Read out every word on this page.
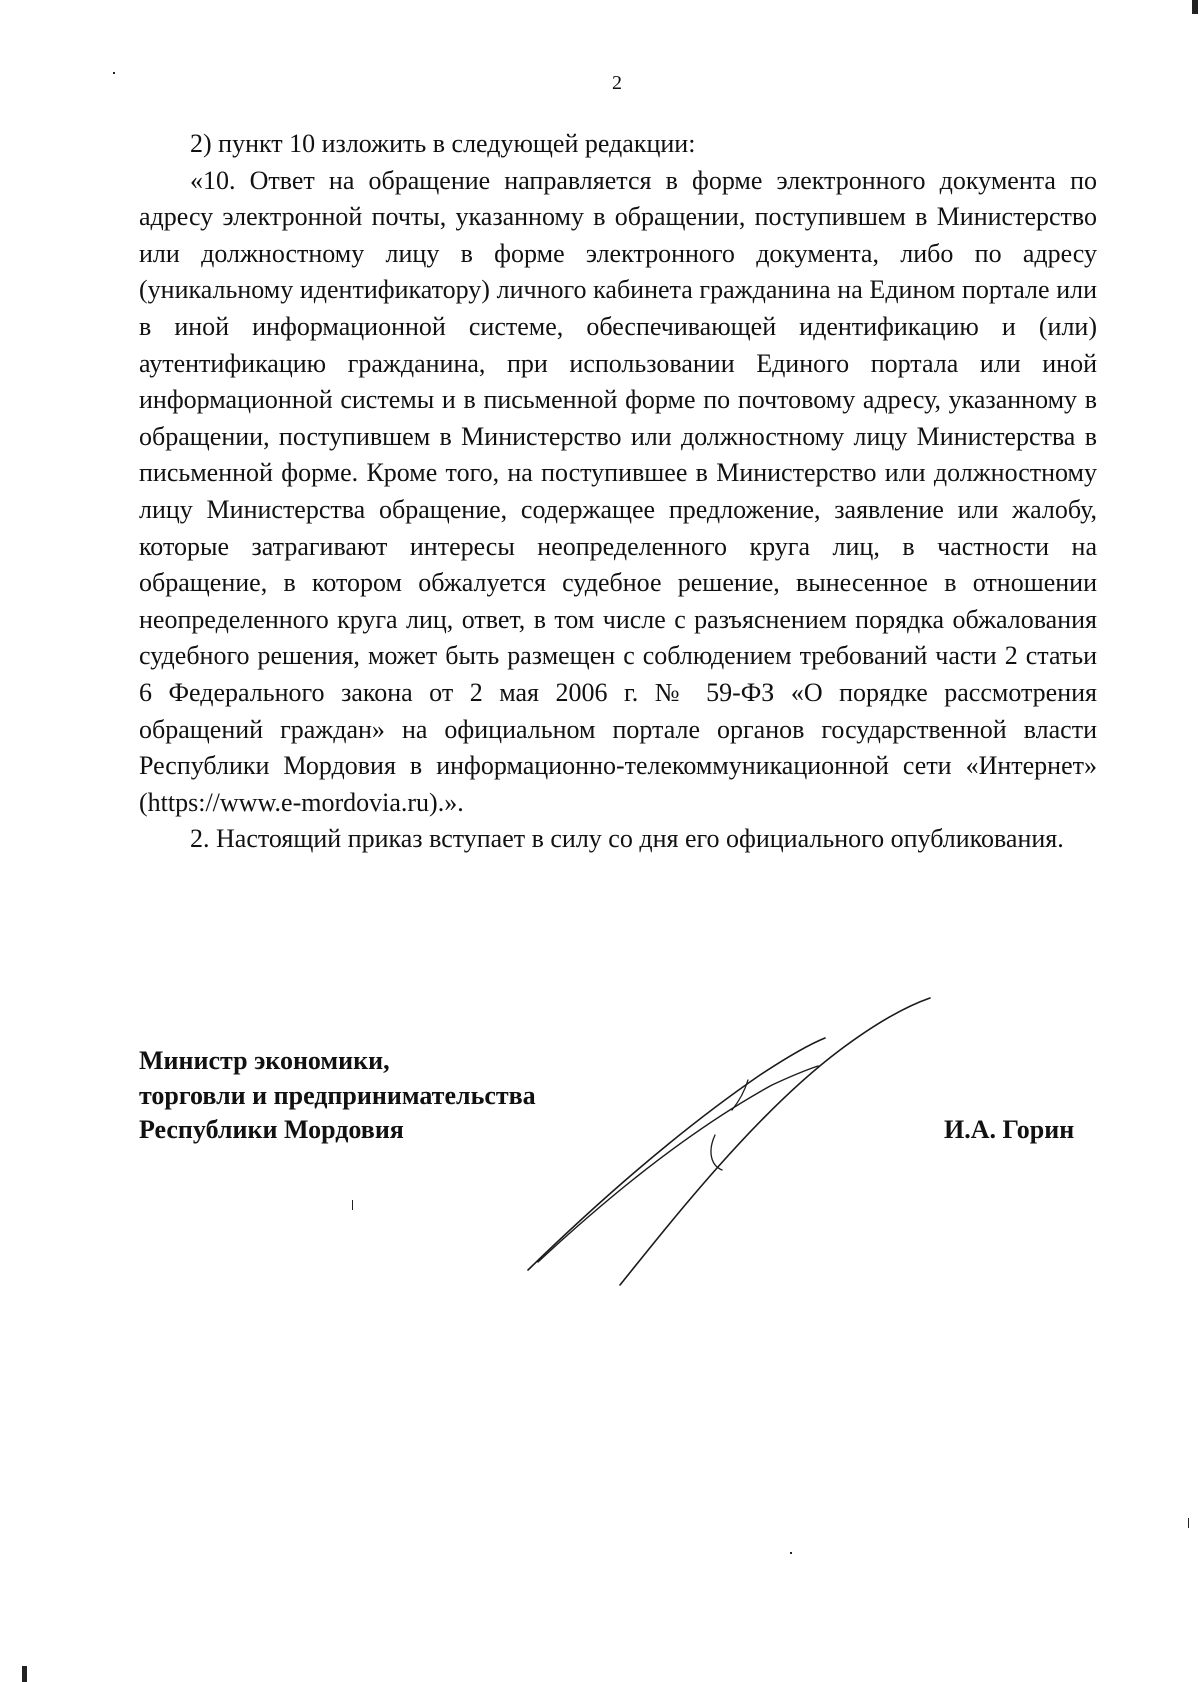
2

2) пункт 10 изложить в следующей редакции:

«10. Ответ на обращение направляется в форме электронного документа по адресу электронной почты, указанному в обращении, поступившем в Министерство или должностному лицу в форме электронного документа, либо по адресу (уникальному идентификатору) личного кабинета гражданина на Едином портале или в иной информационной системе, обеспечивающей идентификацию и (или) аутентификацию гражданина, при использовании Единого портала или иной информационной системы и в письменной форме по почтовому адресу, указанному в обращении, поступившем в Министерство или должностному лицу Министерства в письменной форме. Кроме того, на поступившее в Министерство или должностному лицу Министерства обращение, содержащее предложение, заявление или жалобу, которые затрагивают интересы неопределенного круга лиц, в частности на обращение, в котором обжалуется судебное решение, вынесенное в отношении неопределенного круга лиц, ответ, в том числе с разъяснением порядка обжалования судебного решения, может быть размещен с соблюдением требований части 2 статьи 6 Федерального закона от 2 мая 2006 г. № 59-ФЗ «О порядке рассмотрения обращений граждан» на официальном портале органов государственной власти Республики Мордовия в информационно-телекоммуникационной сети «Интернет» (https://www.e-mordovia.ru).».

2. Настоящий приказ вступает в силу со дня его официального опубликования.

Министр экономики,
торговли и предпринимательства
Республики Мордовия	И.А. Горин
